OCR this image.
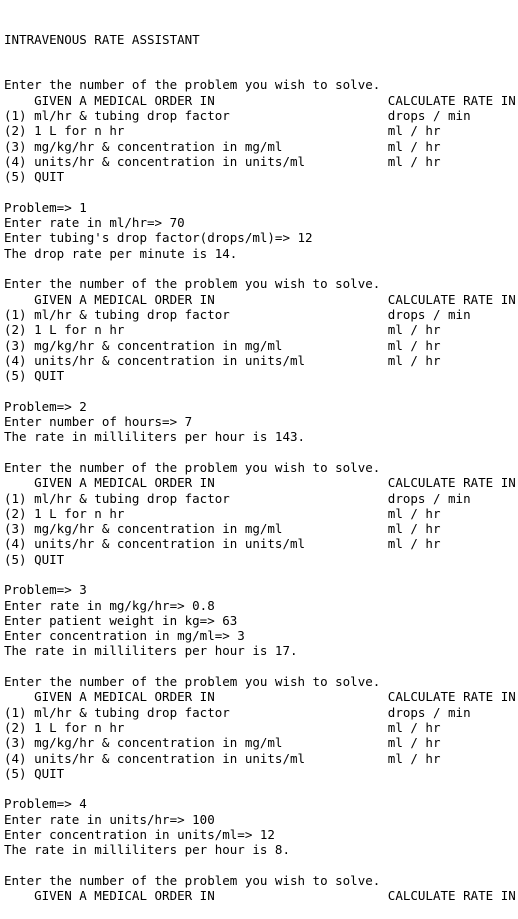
INTRAVENOUS RATE ASSISTANT

Enter the number of the problem you wish to solve.
GIVEN A MEDICAL ORDER IN                       CALCULATE RATE IN
(1) ml/hr & tubing drop factor                     drops / min
(2) 1 L for n hr                                   ml / hr
(3) mg/kg/hr & concentration in mg/ml              ml / hr
(4) units/hr & concentration in units/ml           ml / hr
(5) QUIT
Problem=> 1
Enter rate in ml/hr=> 70
Enter tubing's drop factor(drops/ml)=> 12
The drop rate per minute is 14.
Enter the number of the problem you wish to solve.
GIVEN A MEDICAL ORDER IN                       CALCULATE RATE IN
(1) ml/hr & tubing drop factor                     drops / min
(2) 1 L for n hr                                   ml / hr
(3) mg/kg/hr & concentration in mg/ml              ml / hr
(4) units/hr & concentration in units/ml           ml / hr
(5) QUIT
Problem=> 2
Enter number of hours=> 7
The rate in milliliters per hour is 143.
Enter the number of the problem you wish to solve.
GIVEN A MEDICAL ORDER IN                       CALCULATE RATE IN
(1) ml/hr & tubing drop factor                     drops / min
(2) 1 L for n hr                                   ml / hr
(3) mg/kg/hr & concentration in mg/ml              ml / hr
(4) units/hr & concentration in units/ml           ml / hr
(5) QUIT
Problem=> 3
Enter rate in mg/kg/hr=> 0.8
Enter patient weight in kg=> 63
Enter concentration in mg/ml=> 3
The rate in milliliters per hour is 17.
Enter the number of the problem you wish to solve.
GIVEN A MEDICAL ORDER IN                       CALCULATE RATE IN
(1) ml/hr & tubing drop factor                     drops / min
(2) 1 L for n hr                                   ml / hr
(3) mg/kg/hr & concentration in mg/ml              ml / hr
(4) units/hr & concentration in units/ml           ml / hr
(5) QUIT
Problem=> 4
Enter rate in units/hr=> 100
Enter concentration in units/ml=> 12
The rate in milliliters per hour is 8.
Enter the number of the problem you wish to solve.
GIVEN A MEDICAL ORDER IN                       CALCULATE RATE IN
